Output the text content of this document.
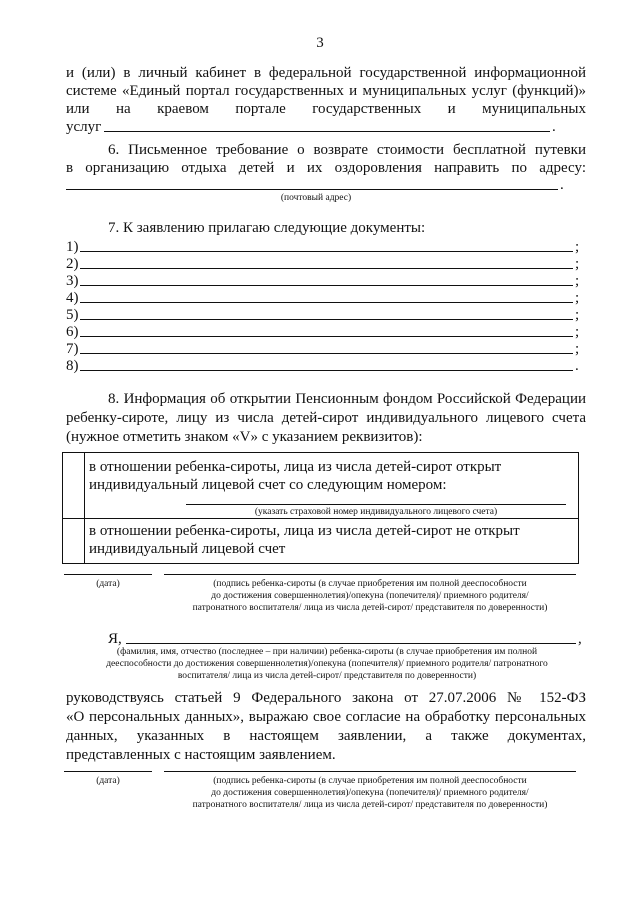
3
и (или) в личный кабинет в федеральной государственной информационной
системе «Единый портал государственных и муниципальных услуг (функций)»
или на краевом портале государственных и муниципальных
услуг	.
6. Письменное требование о возврате стоимости бесплатной путевки
в организацию отдыха детей и их оздоровления направить по адресу:
.
(почтовый адрес)
7. К заявлению прилагаю следующие документы:
1)	;
2)	;
3)	;
4)	;
5)	;
6)	;
7)	;
8)	.
8. Информация об открытии Пенсионным фондом Российской Федерации
ребенку-сироте, лицу из числа детей-сирот индивидуального лицевого счета
(нужное отметить знаком «V» с указанием реквизитов):
в отношении ребенка-сироты, лица из числа детей-сирот открыт
индивидуальный лицевой счет со следующим номером:
(указать страховой номер индивидуального лицевого счета)
в отношении ребенка-сироты, лица из числа детей-сирот не открыт
индивидуальный лицевой счет
(дата)	(подпись ребенка-сироты (в случае приобретения им полной дееспособности
до достижения совершеннолетия)/опекуна (попечителя)/ приемного родителя/
патронатного воспитателя/ лица из числа детей-сирот/ представителя по доверенности)
Я,	,
(фамилия, имя, отчество (последнее – при наличии) ребенка-сироты (в случае приобретения им полной
дееспособности до достижения совершеннолетия)/опекуна (попечителя)/ приемного родителя/ патронатного
воспитателя/ лица из числа детей-сирот/ представителя по доверенности)
руководствуясь статьей 9 Федерального закона от 27.07.2006 № 152-ФЗ
«О персональных данных», выражаю свое согласие на обработку персональных
данных, указанных в настоящем заявлении, а также документах,
представленных с настоящим заявлением.
(дата)	(подпись ребенка-сироты (в случае приобретения им полной дееспособности
до достижения совершеннолетия)/опекуна (попечителя)/ приемного родителя/
патронатного воспитателя/ лица из числа детей-сирот/ представителя по доверенности)
